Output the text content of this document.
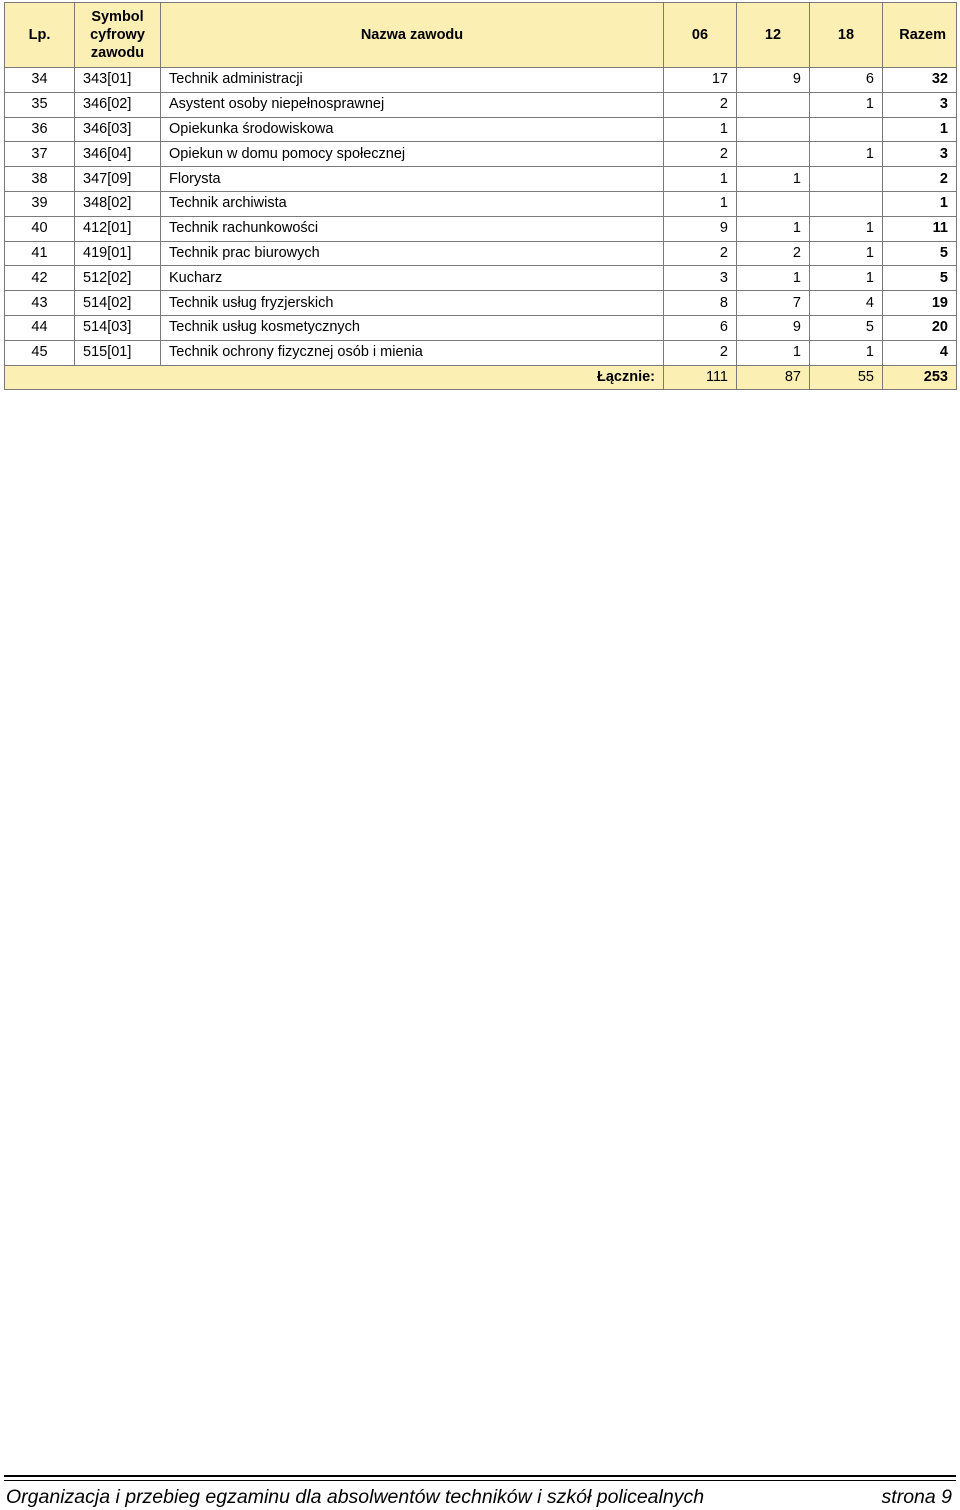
Lp.	Symbol cyfrowy zawodu	Nazwa zawodu	06	12	18	Razem
34	343[01]	Technik administracji	17	9	6	32
35	346[02]	Asystent osoby niepełnosprawnej	2		1	3
36	346[03]	Opiekunka środowiskowa	1			1
37	346[04]	Opiekun w domu pomocy społecznej	2		1	3
38	347[09]	Florysta	1	1		2
39	348[02]	Technik archiwista	1			1
40	412[01]	Technik rachunkowości	9	1	1	11
41	419[01]	Technik prac biurowych	2	2	1	5
42	512[02]	Kucharz	3	1	1	5
43	514[02]	Technik usług fryzjerskich	8	7	4	19
44	514[03]	Technik usług kosmetycznych	6	9	5	20
45	515[01]	Technik ochrony fizycznej osób i mienia	2	1	1	4
Łącznie:			111	87	55	253
Organizacja i przebieg egzaminu dla absolwentów techników i szkół policealnych	strona 9
